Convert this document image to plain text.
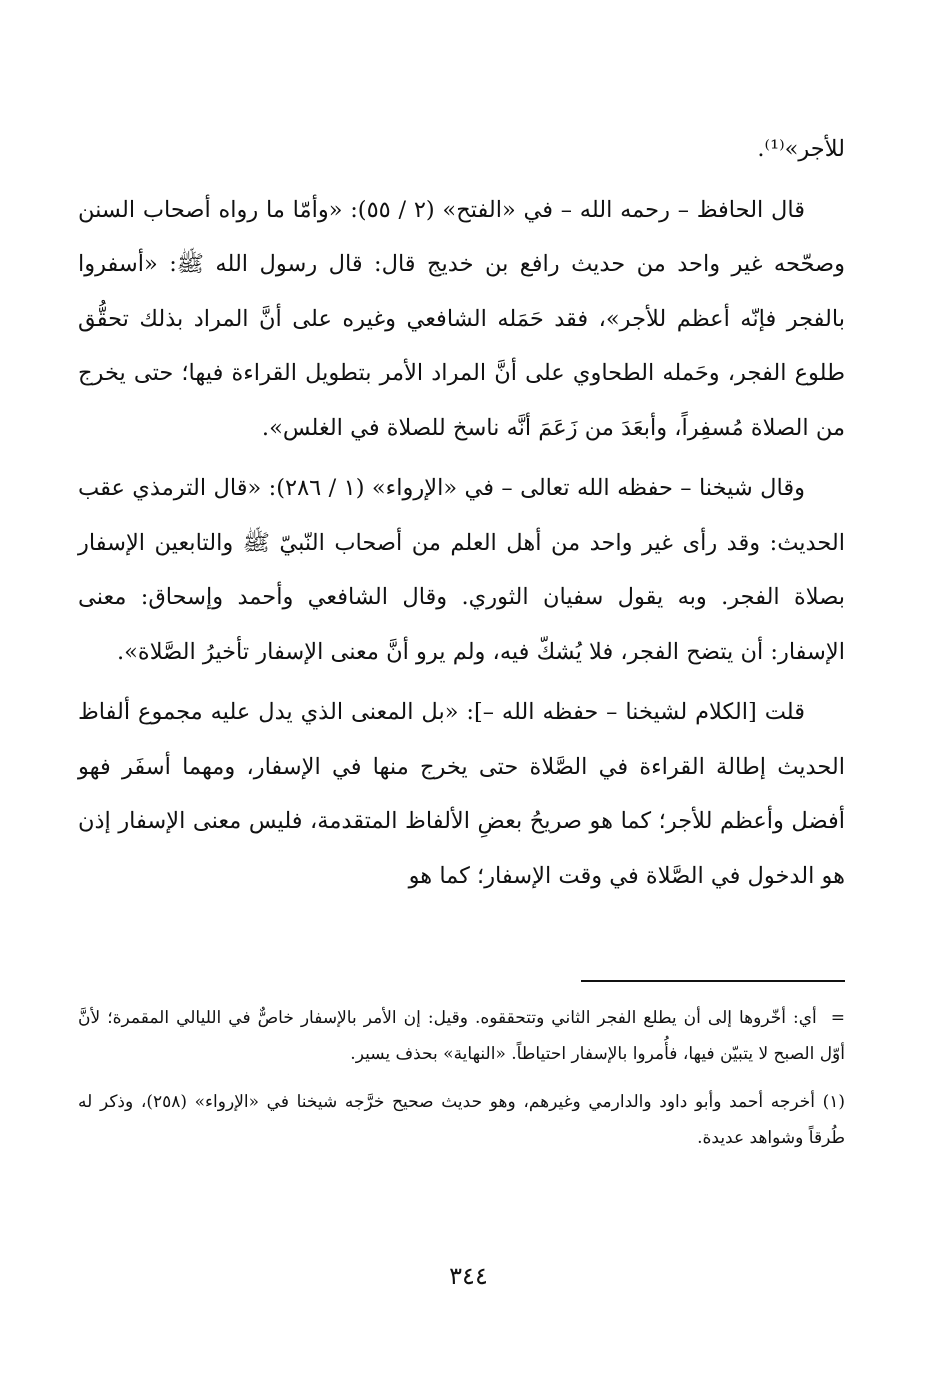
للأجر»⁽¹⁾.

قال الحافظ – رحمه الله – في «الفتح» (٢ / ٥٥): «وأمّا ما رواه أصحاب السنن وصحّحه غير واحد من حديث رافع بن خديج قال: قال رسول الله ﷺ: «أسفروا بالفجر فإنّه أعظم للأجر»، فقد حَمَله الشافعي وغيره على أنَّ المراد بذلك تحقُّق طلوع الفجر، وحَمله الطحاوي على أنَّ المراد الأمر بتطويل القراءة فيها؛ حتى يخرج من الصلاة مُسفِراً، وأبعَدَ من زَعَمَ أنَّه ناسخ للصلاة في الغلس».

وقال شيخنا – حفظه الله تعالى – في «الإرواء» (١ / ٢٨٦): «قال الترمذي عقب الحديث: وقد رأى غير واحد من أهل العلم من أصحاب النّبيّ ﷺ والتابعين الإسفار بصلاة الفجر. وبه يقول سفيان الثوري. وقال الشافعي وأحمد وإسحاق: معنى الإسفار: أن يتضح الفجر، فلا يُشكّ فيه، ولم يرو أنَّ معنى الإسفار تأخيرُ الصَّلاة».

قلت [الكلام لشيخنا – حفظه الله –]: «بل المعنى الذي يدل عليه مجموع ألفاظ الحديث إطالة القراءة في الصَّلاة حتى يخرج منها في الإسفار، ومهما أسفَر فهو أفضل وأعظم للأجر؛ كما هو صريحُ بعضِ الألفاظ المتقدمة، فليس معنى الإسفار إذن هو الدخول في الصَّلاة في وقت الإسفار؛ كما هو

=أي: أخّروها إلى أن يطلع الفجر الثاني وتتحققوه. وقيل: إن الأمر بالإسفار خاصٌّ في الليالي المقمرة؛ لأنَّ أوّل الصبح لا يتبيّن فيها، فأُمروا بالإسفار احتياطاً. «النهاية» بحذف يسير.

(١) أخرجه أحمد وأبو داود والدارمي وغيرهم، وهو حديث صحيح خرَّجه شيخنا في «الإرواء» (٢٥٨)، وذكر له طُرقاً وشواهد عديدة.

٣٤٤
